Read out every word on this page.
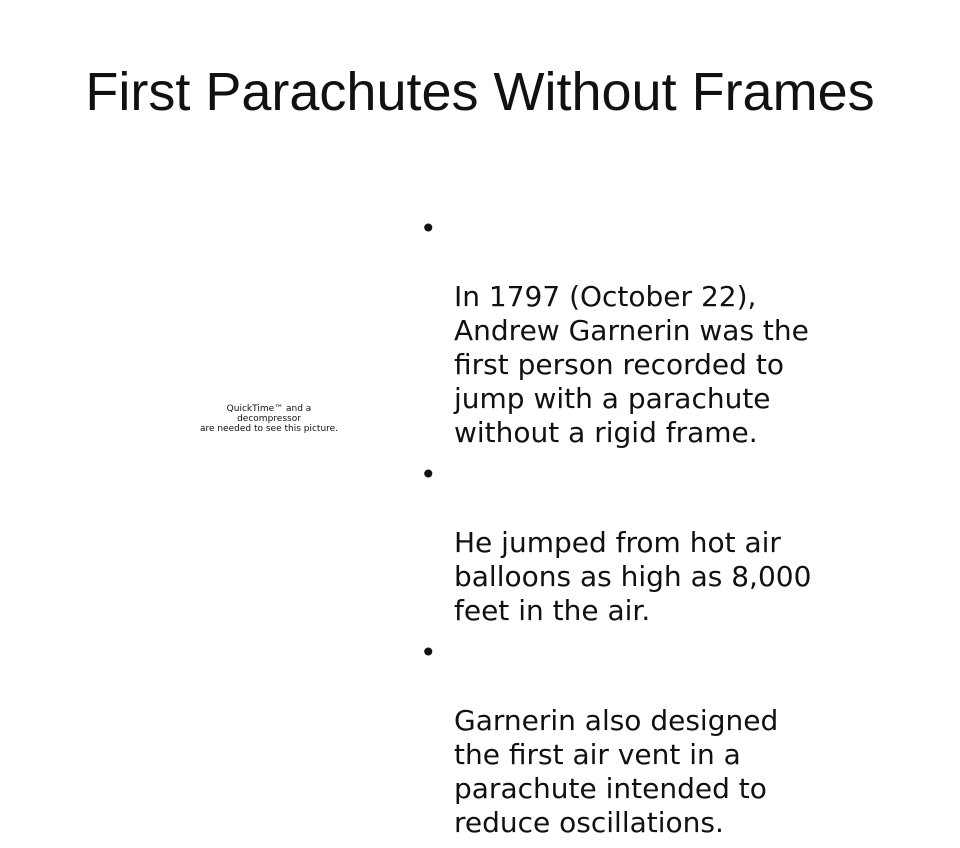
First Parachutes Without Frames
QuickTime™ and a
decompressor
are needed to see this picture.

•

In 1797 (October 22),
Andrew Garnerin was the
first person recorded to
jump with a parachute
without a rigid frame.

•

He jumped from hot air
balloons as high as 8,000
feet in the air.

•

Garnerin also designed
the first air vent in a
parachute intended to
reduce oscillations.
